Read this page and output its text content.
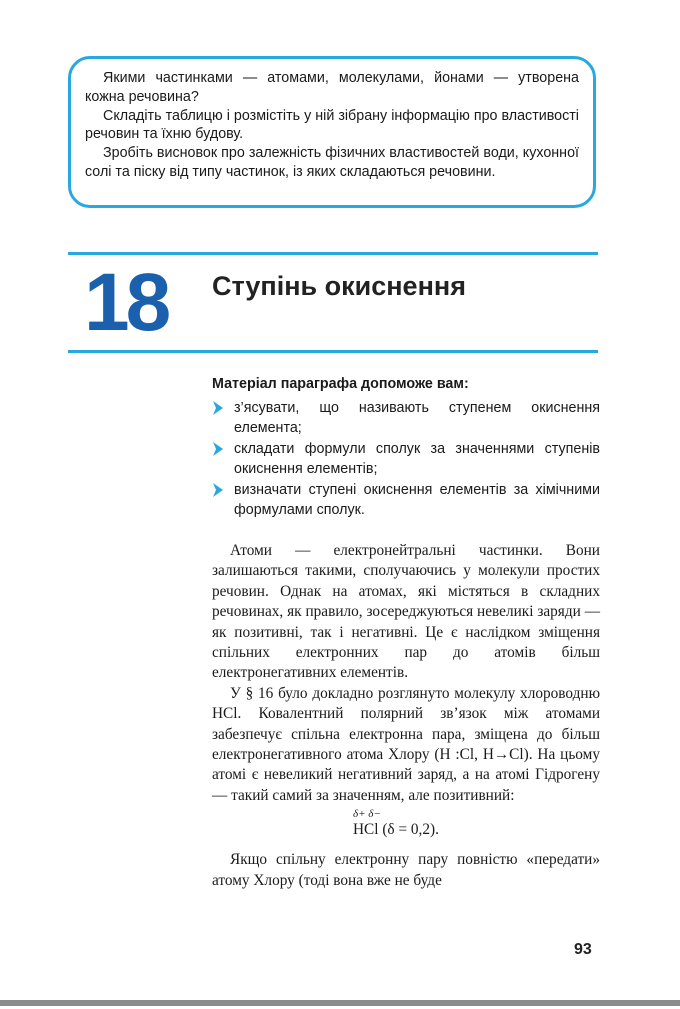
Якими частинками — атомами, молекулами, йонами — утворена кожна речовина?

Складіть таблицю і розмістіть у ній зібрану інформацію про властивості речовин та їхню будову.

Зробіть висновок про залежність фізичних властивостей води, кухонної солі та піску від типу частинок, із яких складаються речовини.

18 Ступінь окиснення
Матеріал параграфа допоможе вам:
з’ясувати, що називають ступенем окиснення елемента;
складати формули сполук за значеннями ступенів окиснення елементів;
визначати ступені окиснення елементів за хімічними формулами сполук.

Атоми — електронейтральні частинки. Вони залишаються такими, сполучаючись у молекули простих речовин. Однак на атомах, які містяться в складних речовинах, як правило, зосереджуються невеликі заряди — як позитивні, так і негативні. Це є наслідком зміщення спільних електронних пар до атомів більш електронегативних елементів.

У § 16 було докладно розглянуто молекулу хлороводню HCl. Ковалентний полярний зв’язок між атомами забезпечує спільна електронна пара, зміщена до більш електронегативного атома Хлору (H :Cl, H→Cl). На цьому атомі є невеликий негативний заряд, а на атомі Гідрогену — такий самий за значенням, але позитивний:

δ+ δ−
HCl (δ = 0,2).

Якщо спільну електронну пару повністю «передати» атому Хлору (тоді вона вже не буде

93
